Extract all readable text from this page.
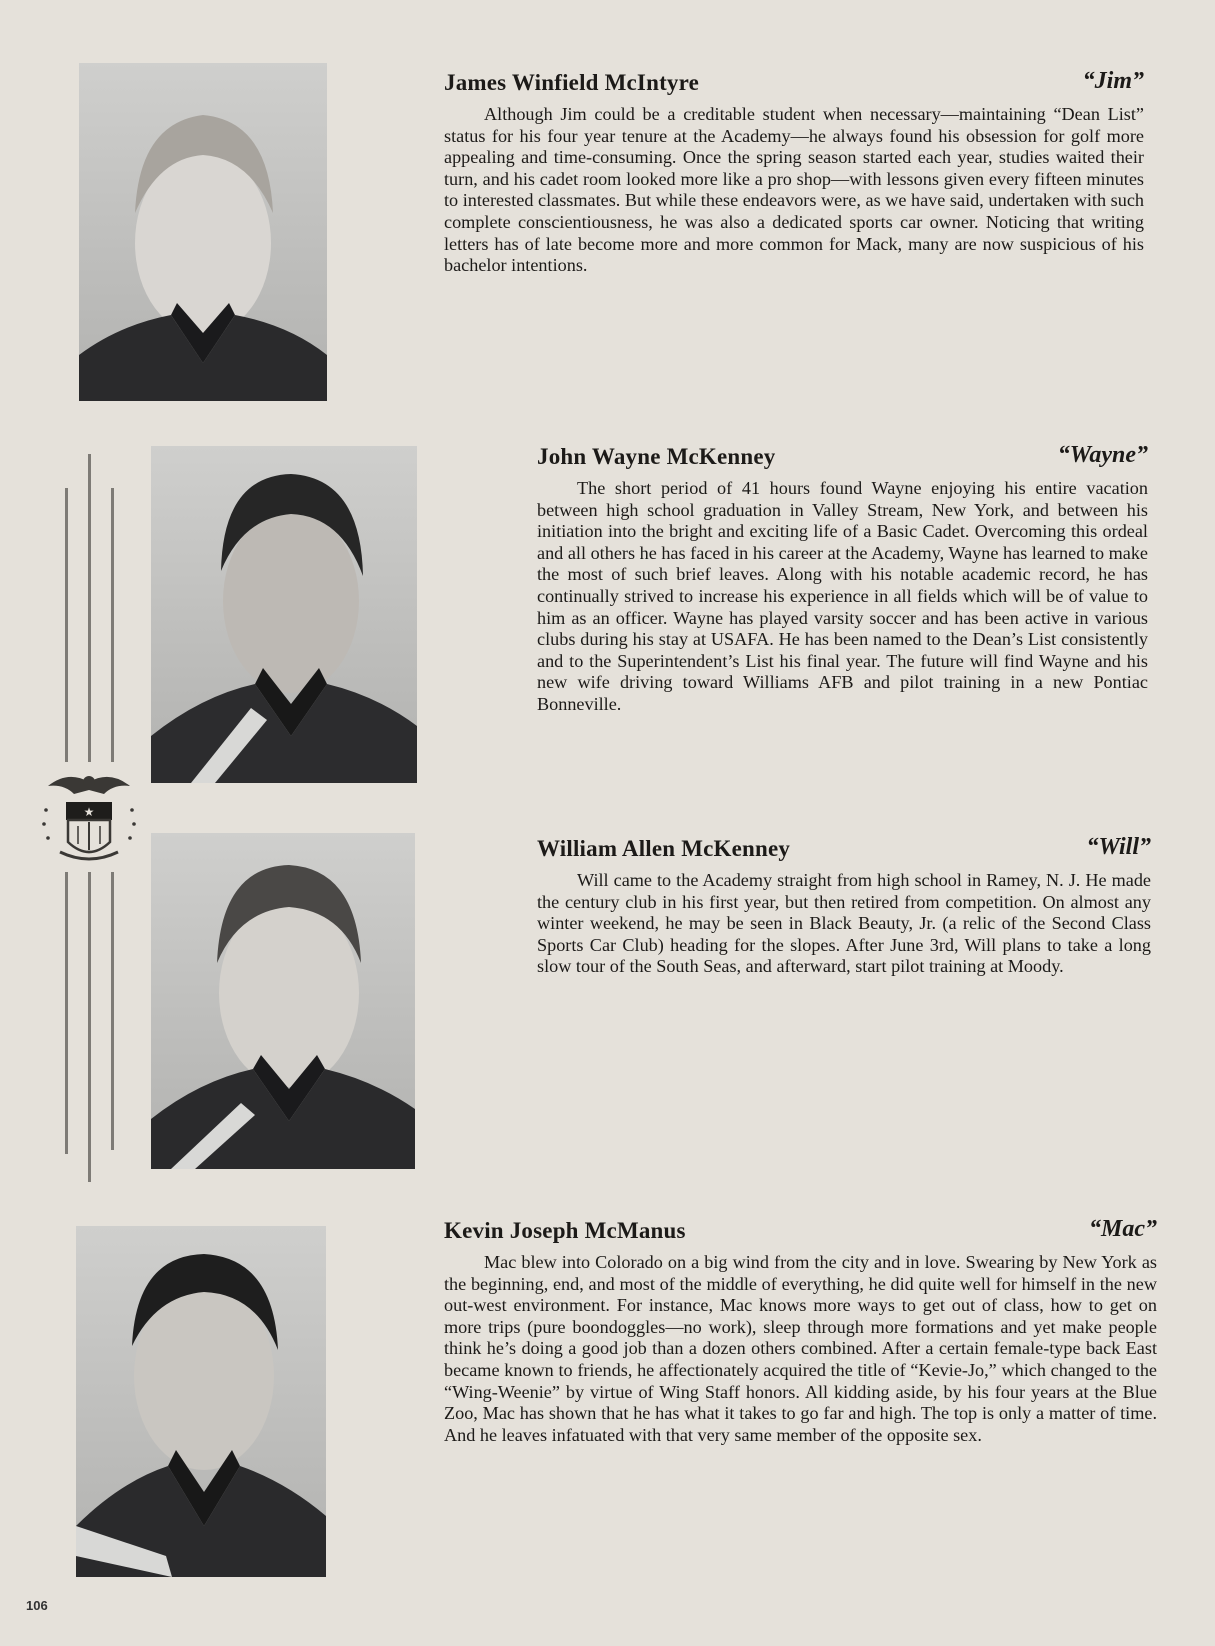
★
James Winfield McIntyre	“Jim”

Although Jim could be a creditable student when necessary—maintaining “Dean List” status for his four year tenure at the Academy—he always found his obsession for golf more appealing and time-consuming. Once the spring season started each year, studies waited their turn, and his cadet room looked more like a pro shop—with lessons given every fifteen minutes to interested classmates. But while these endeavors were, as we have said, undertaken with such complete conscientiousness, he was also a dedicated sports car owner. Noticing that writing letters has of late become more and more common for Mack, many are now suspicious of his bachelor intentions.

John Wayne McKenney	“Wayne”

The short period of 41 hours found Wayne enjoying his entire vacation between high school graduation in Valley Stream, New York, and between his initiation into the bright and exciting life of a Basic Cadet. Overcoming this ordeal and all others he has faced in his career at the Academy, Wayne has learned to make the most of such brief leaves. Along with his notable academic record, he has continually strived to increase his experience in all fields which will be of value to him as an officer. Wayne has played varsity soccer and has been active in various clubs during his stay at USAFA. He has been named to the Dean’s List consistently and to the Superintendent’s List his final year. The future will find Wayne and his new wife driving toward Williams AFB and pilot training in a new Pontiac Bonneville.

William Allen McKenney	“Will”

Will came to the Academy straight from high school in Ramey, N. J. He made the century club in his first year, but then retired from competition. On almost any winter weekend, he may be seen in Black Beauty, Jr. (a relic of the Second Class Sports Car Club) heading for the slopes. After June 3rd, Will plans to take a long slow tour of the South Seas, and afterward, start pilot training at Moody.

Kevin Joseph McManus	“Mac”

Mac blew into Colorado on a big wind from the city and in love. Swearing by New York as the beginning, end, and most of the middle of everything, he did quite well for himself in the new out-west environment. For instance, Mac knows more ways to get out of class, how to get on more trips (pure boondoggles—no work), sleep through more formations and yet make people think he’s doing a good job than a dozen others combined. After a certain female-type back East became known to friends, he affectionately acquired the title of “Kevie-Jo,” which changed to the “Wing-Weenie” by virtue of Wing Staff honors. All kidding aside, by his four years at the Blue Zoo, Mac has shown that he has what it takes to go far and high. The top is only a matter of time. And he leaves infatuated with that very same member of the opposite sex.

106
